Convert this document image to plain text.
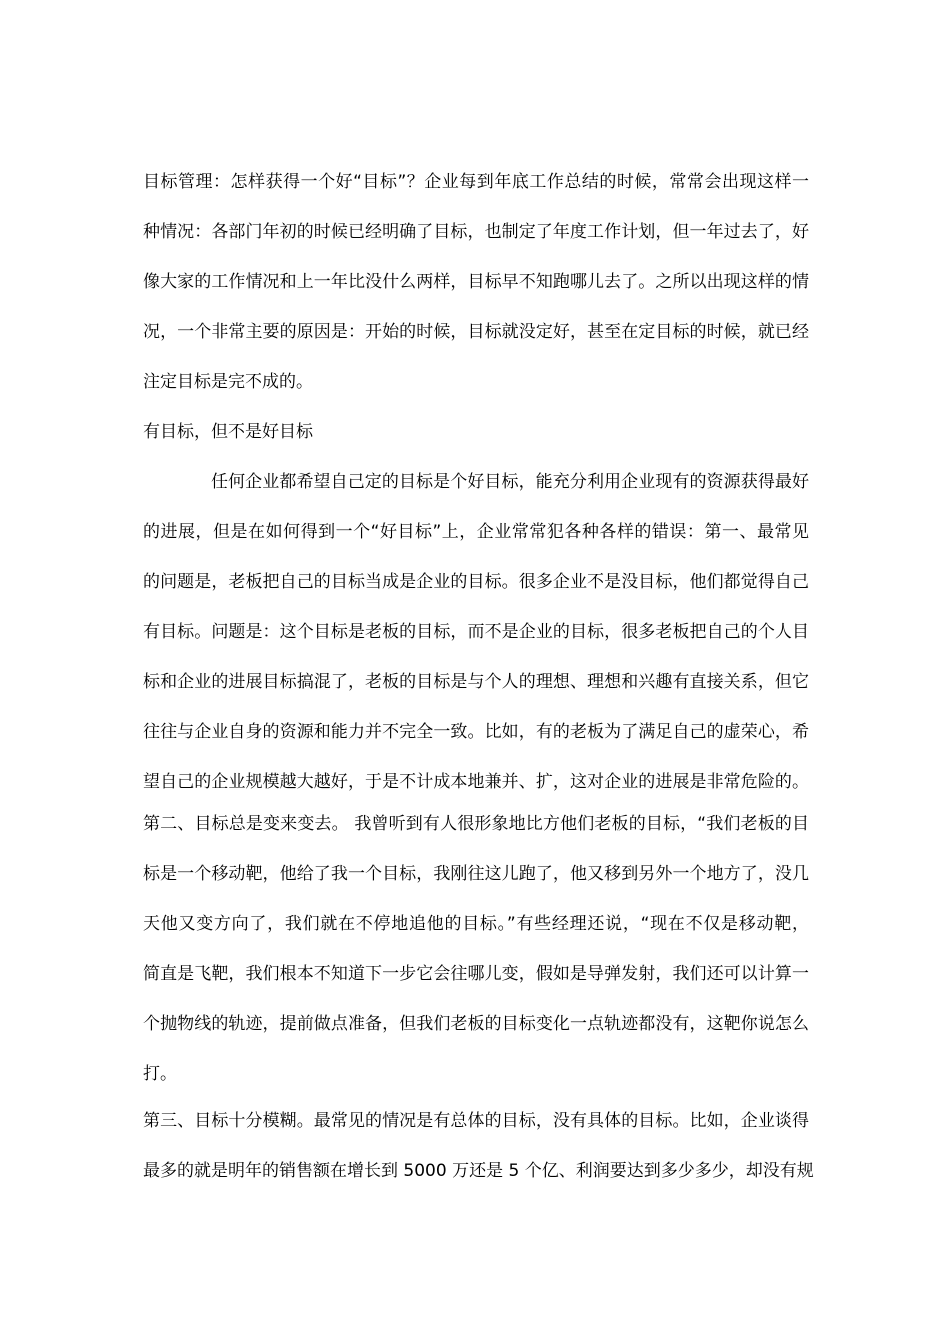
目标管理：怎样获得一个好“目标”？企业每到年底工作总结的时候，常常会出现这样一
种情况：各部门年初的时候已经明确了目标，也制定了年度工作计划，但一年过去了，好
像大家的工作情况和上一年比没什么两样，目标早不知跑哪儿去了。之所以出现这样的情
况，一个非常主要的原因是：开始的时候，目标就没定好，甚至在定目标的时候，就已经
注定目标是完不成的。
有目标，但不是好目标
任何企业都希望自己定的目标是个好目标，能充分利用企业现有的资源获得最好
的进展，但是在如何得到一个“好目标”上，企业常常犯各种各样的错误：第一、最常见
的问题是，老板把自己的目标当成是企业的目标。很多企业不是没目标，他们都觉得自己
有目标。问题是：这个目标是老板的目标，而不是企业的目标，很多老板把自己的个人目
标和企业的进展目标搞混了，老板的目标是与个人的理想、理想和兴趣有直接关系，但它
往往与企业自身的资源和能力并不完全一致。比如，有的老板为了满足自己的虚荣心，希
望自己的企业规模越大越好，于是不计成本地兼并、扩，这对企业的进展是非常危险的。
第二、目标总是变来变去。 我曾听到有人很形象地比方他们老板的目标，“我们老板的目
标是一个移动靶，他给了我一个目标，我刚往这儿跑了，他又移到另外一个地方了，没几
天他又变方向了，我们就在不停地追他的目标。”有些经理还说，“现在不仅是移动靶，
简直是飞靶，我们根本不知道下一步它会往哪儿变，假如是导弹发射，我们还可以计算一
个抛物线的轨迹，提前做点准备，但我们老板的目标变化一点轨迹都没有，这靶你说怎么
打。
第三、目标十分模糊。最常见的情况是有总体的目标，没有具体的目标。比如，企业谈得
最多的就是明年的销售额在增长到 5000 万还是 5 个亿、利润要达到多少多少，却没有规
